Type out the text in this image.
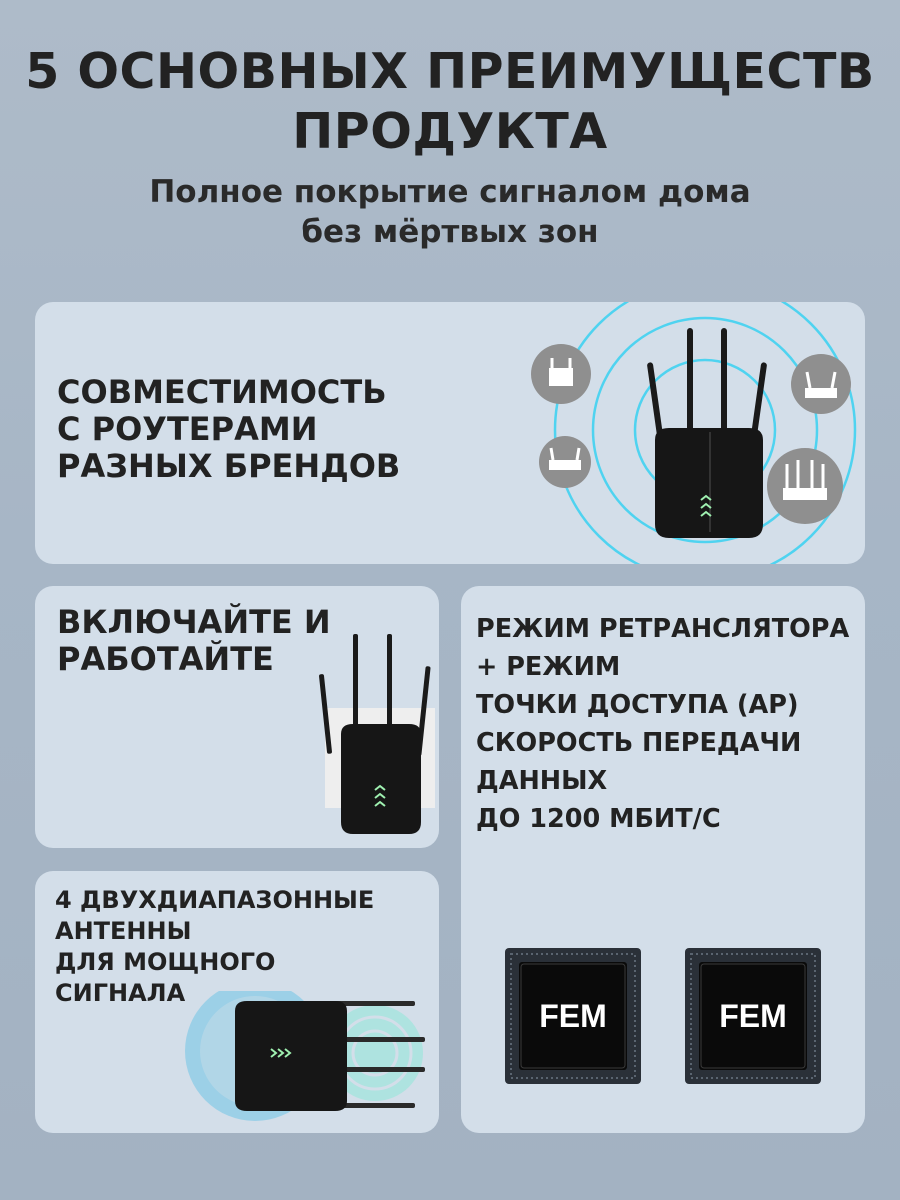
5 ОСНОВНЫХ ПРЕИМУЩЕСТВ
ПРОДУКТА
Полное покрытие сигналом дома
без мёртвых зон
СОВМЕСТИМОСТЬ
С РОУТЕРАМИ
РАЗНЫХ БРЕНДОВ
ВКЛЮЧАЙТЕ И
РАБОТАЙТЕ
4 ДВУХДИАПАЗОННЫЕ
АНТЕННЫ
ДЛЯ МОЩНОГО
СИГНАЛА
РЕЖИМ РЕТРАНСЛЯТОРА
+ РЕЖИМ
ТОЧКИ ДОСТУПА (AP)
СКОРОСТЬ ПЕРЕДАЧИ
ДАННЫХ
ДО 1200 МБИТ/С
FEM	FEM
